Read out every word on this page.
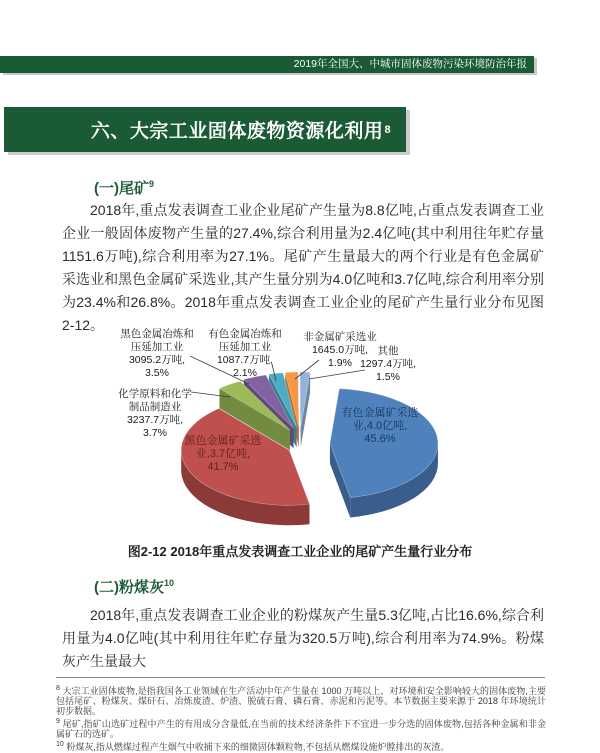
2019年全国大、中城市固体废物污染环境防治年报
六、大宗工业固体废物资源化利用 8
(一)尾矿$^9$

2018年,重点发表调查工业企业尾矿产生量为8.8亿吨,占重点发表调查工业企业一般固体废物产生量的27.4%,综合利用量为2.4亿吨(其中利用往年贮存量1151.6万吨),综合利用率为27.1%。尾矿产生量最大的两个行业是有色金属矿采选业和黑色金属矿采选业,其产生量分别为4.0亿吨和3.7亿吨,综合利用率分别为23.4%和26.8%。2018年重点发表调查工业企业的尾矿产生量行业分布见图2-12。

有色金属矿采选业,4.0亿吨, 45.6%
黑色金属矿采选业,3.7亿吨, 41.7%
化学原料和化学制品制造业 3237.7万吨, 3.7%
黑色金属冶炼和压延加工业 3095.2万吨, 3.5%
有色金属冶炼和压延加工业 1087.7万吨, 2.1%
非金属矿采选业 1645.0万吨, 1.9%
其他 1297.4万吨, 1.5%
图2-12 2018年重点发表调查工业企业的尾矿产生量行业分布
(二)粉煤灰$^{10}$

2018年,重点发表调查工业企业的粉煤灰产生量5.3亿吨,占比16.6%,综合利用量为4.0亿吨(其中利用往年贮存量为320.5万吨),综合利用率为74.9%。粉煤灰产生量最大

$^8$ 大宗工业固体废物,是指我国各工业领域在生产活动中年产生量在 1000 万吨以上、对环境和安全影响较大的固体废物,主要包括尾矿、粉煤灰、煤矸石、冶炼废渣、炉渣、脱硫石膏、磷石膏、赤泥和污泥等。本节数据主要来源于 2018 年环境统计初步数据。
$^9$ 尾矿,指矿山选矿过程中产生的有用成分含量低,在当前的技术经济条件下不宜进一步分选的固体废物,包括各种金属和非金属矿石的选矿。
$^{10}$ 粉煤灰,指从燃煤过程产生烟气中收捕下来的细微固体颗粒物,不包括从燃煤设施炉膛排出的灰渣。
